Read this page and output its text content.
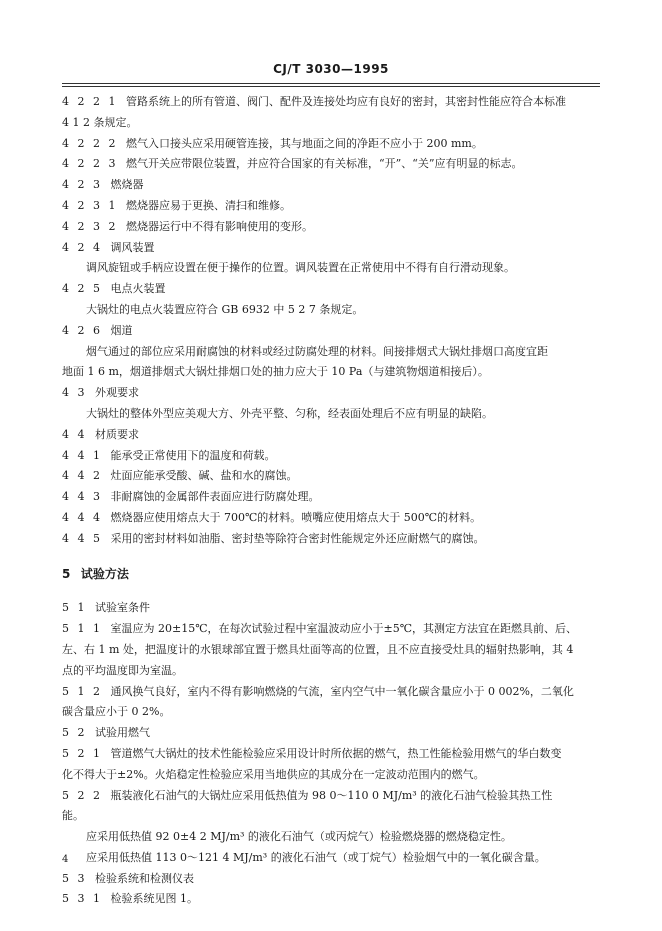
CJ/T 3030—1995
4 2 2 1 管路系统上的所有管道、阀门、配件及连接处均应有良好的密封，其密封性能应符合本标准
4 1 2 条规定。
4 2 2 2 燃气入口接头应采用硬管连接，其与地面之间的净距不应小于 200 mm。
4 2 2 3 燃气开关应带限位装置，并应符合国家的有关标准，“开”、“关”应有明显的标志。
4 2 3 燃烧器
4 2 3 1 燃烧器应易于更换、清扫和维修。
4 2 3 2 燃烧器运行中不得有影响使用的变形。
4 2 4 调风装置
调风旋钮或手柄应设置在便于操作的位置。调风装置在正常使用中不得有自行滑动现象。
4 2 5 电点火装置
大锅灶的电点火装置应符合 GB 6932 中 5 2 7 条规定。
4 2 6 烟道
烟气通过的部位应采用耐腐蚀的材料或经过防腐处理的材料。间接排烟式大锅灶排烟口高度宜距
地面 1 6 m，烟道排烟式大锅灶排烟口处的抽力应大于 10 Pa（与建筑物烟道相接后）。
4 3 外观要求
大锅灶的整体外型应美观大方、外壳平整、匀称，经表面处理后不应有明显的缺陷。
4 4 材质要求
4 4 1 能承受正常使用下的温度和荷载。
4 4 2 灶面应能承受酸、碱、盐和水的腐蚀。
4 4 3 非耐腐蚀的金属部件表面应进行防腐处理。
4 4 4 燃烧器应使用熔点大于 700℃的材料。喷嘴应使用熔点大于 500℃的材料。
4 4 5 采用的密封材料如油脂、密封垫等除符合密封性能规定外还应耐燃气的腐蚀。
5 试验方法
5 1 试验室条件
5 1 1 室温应为 20±15℃，在每次试验过程中室温波动应小于±5℃，其测定方法宜在距燃具前、后、
左、右 1 m 处，把温度计的水银球部宜置于燃具灶面等高的位置，且不应直接受灶具的辐射热影响，其 4
点的平均温度即为室温。
5 1 2 通风换气良好，室内不得有影响燃烧的气流，室内空气中一氧化碳含量应小于 0 002%，二氧化
碳含量应小于 0 2%。
5 2 试验用燃气
5 2 1 管道燃气大锅灶的技术性能检验应采用设计时所依据的燃气，热工性能检验用燃气的华白数变
化不得大于±2%。火焰稳定性检验应采用当地供应的其成分在一定波动范围内的燃气。
5 2 2 瓶装液化石油气的大锅灶应采用低热值为 98 0～110 0 MJ/m³ 的液化石油气检验其热工性
能。
应采用低热值 92 0±4 2 MJ/m³ 的液化石油气（或丙烷气）检验燃烧器的燃烧稳定性。
应采用低热值 113 0～121 4 MJ/m³ 的液化石油气（或丁烷气）检验烟气中的一氧化碳含量。
5 3 检验系统和检测仪表
5 3 1 检验系统见图 1。
4
